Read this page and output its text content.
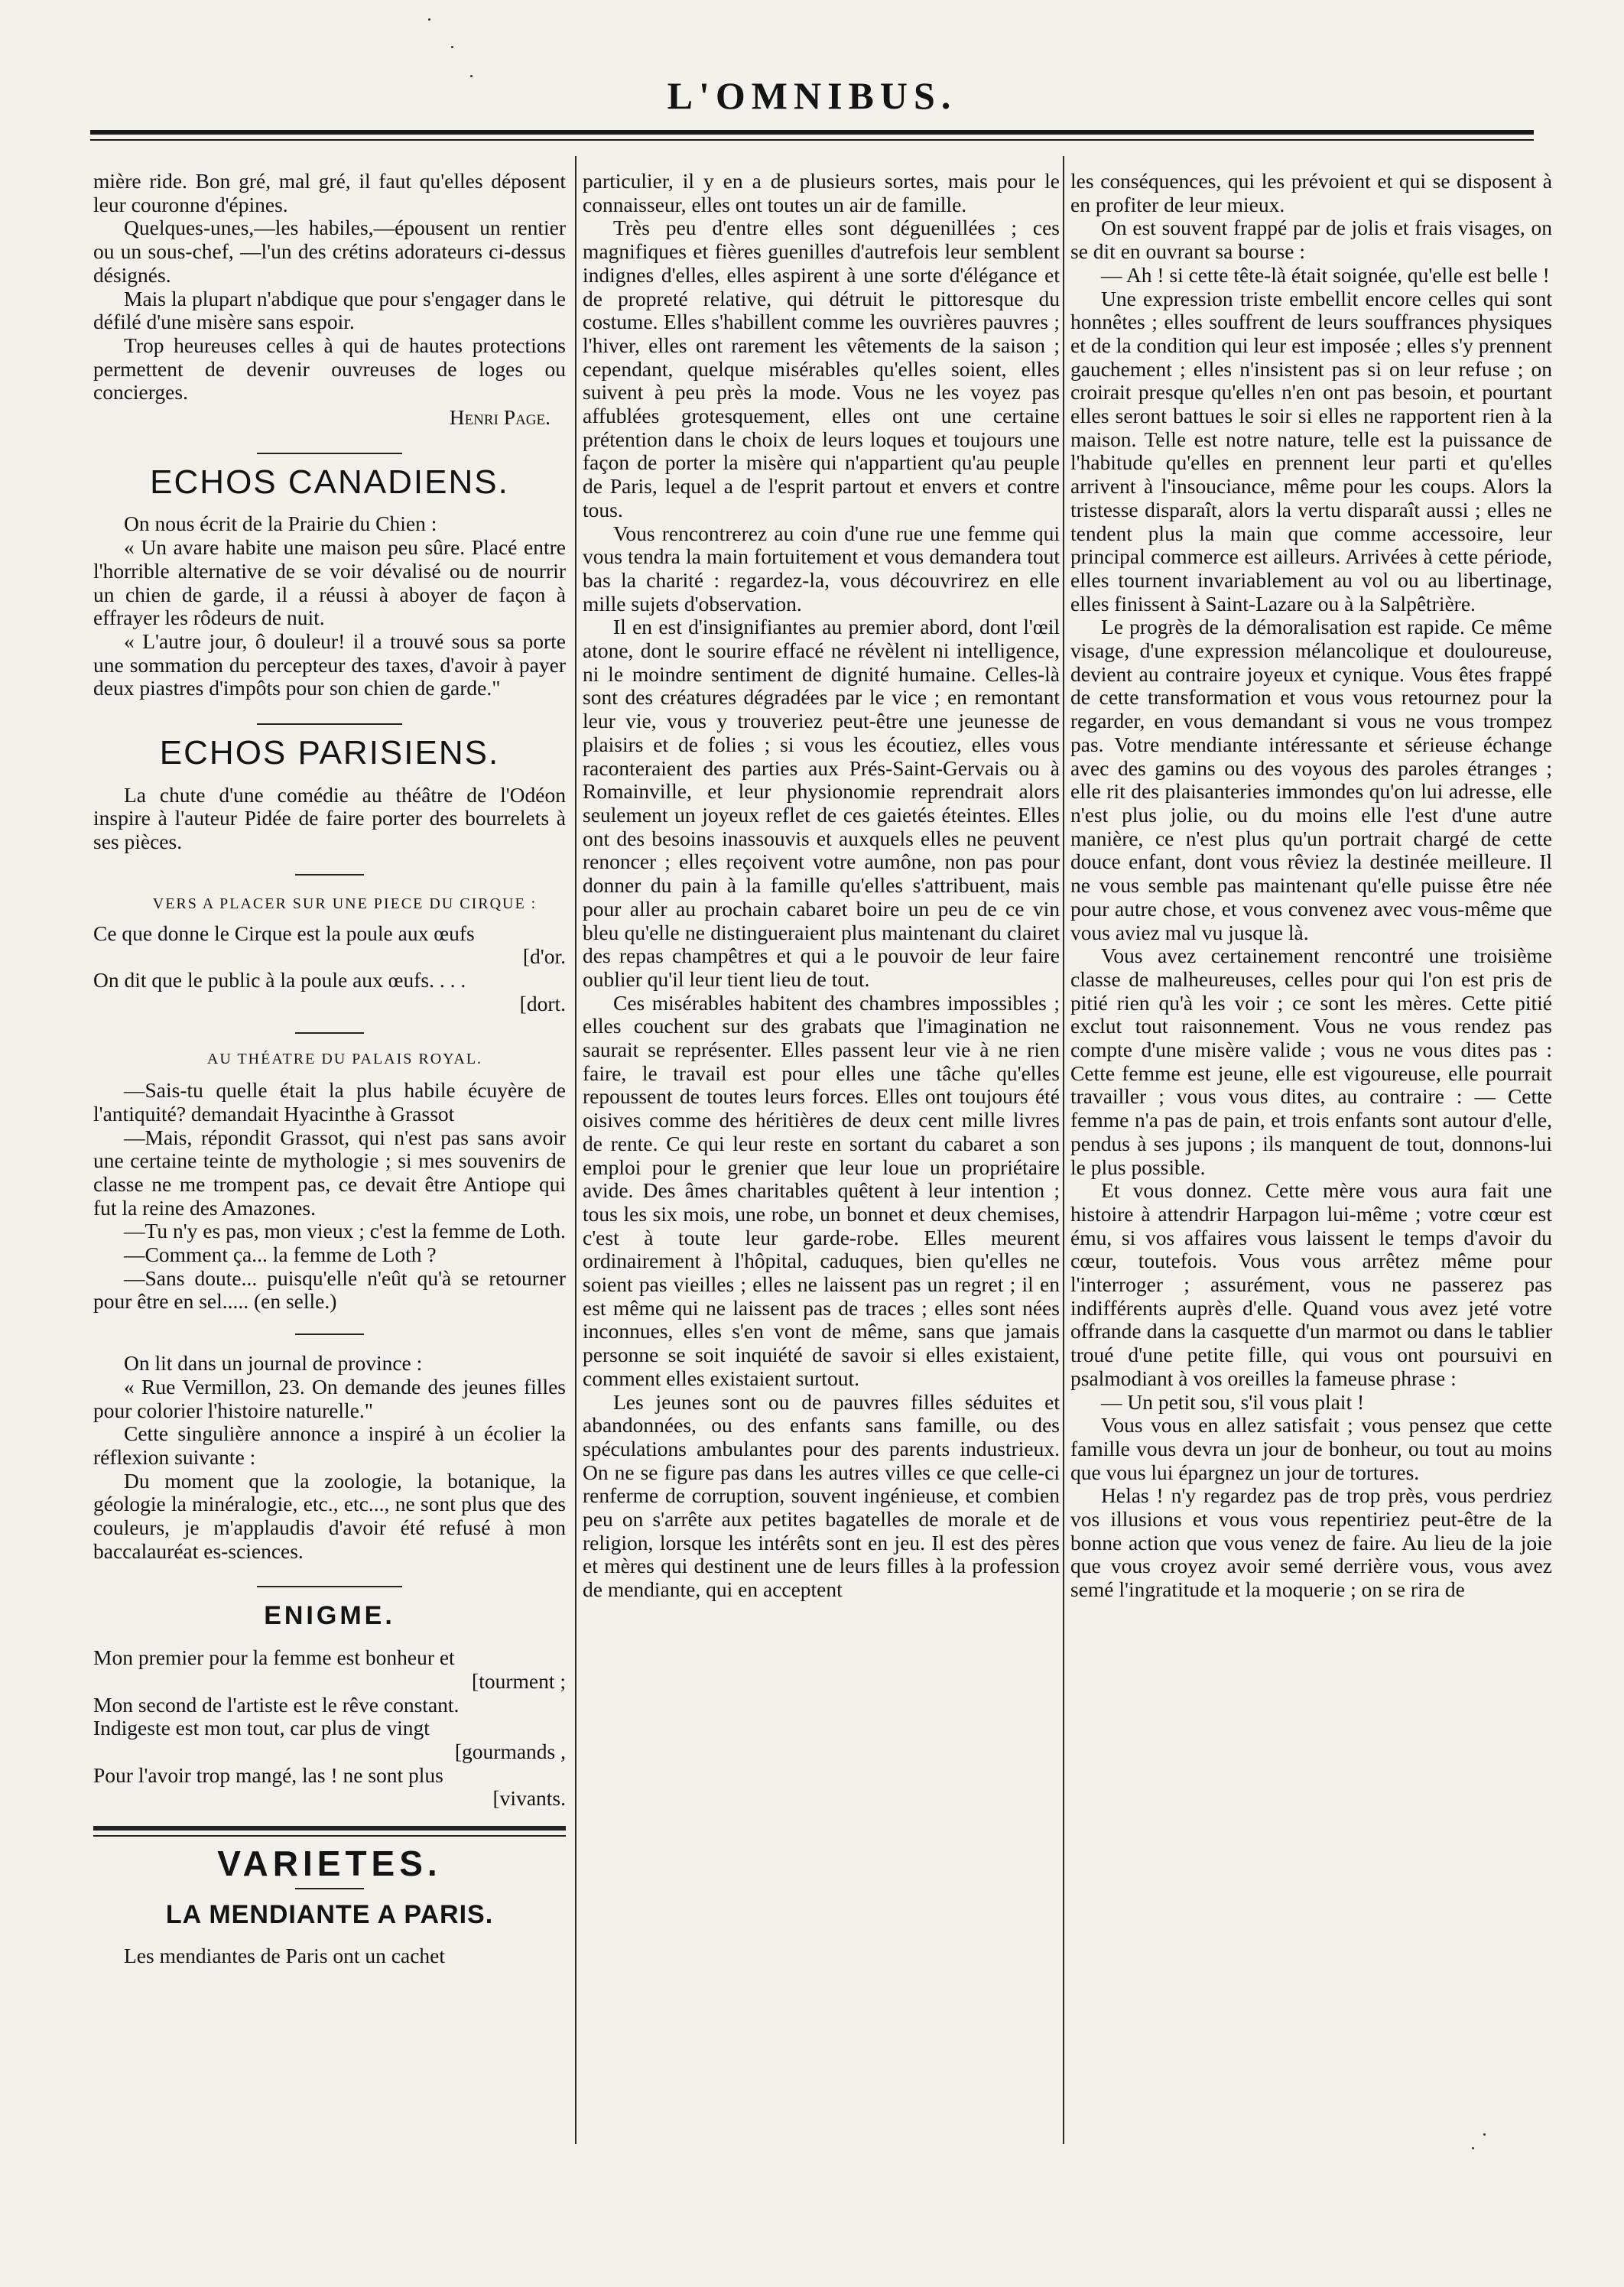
L'OMNIBUS.

mière ride. Bon gré, mal gré, il faut qu'elles déposent leur couronne d'épines.

Quelques-unes,—les habiles,—épousent un rentier ou un sous-chef, —l'un des crétins adorateurs ci-dessus désignés.

Mais la plupart n'abdique que pour s'engager dans le défilé d'une misère sans espoir.

Trop heureuses celles à qui de hautes protections permettent de devenir ouvreuses de loges ou concierges.

Henri Page.

ECHOS CANADIENS.

On nous écrit de la Prairie du Chien :

« Un avare habite une maison peu sûre. Placé entre l'horrible alternative de se voir dévalisé ou de nourrir un chien de garde, il a réussi à aboyer de façon à effrayer les rôdeurs de nuit.

« L'autre jour, ô douleur! il a trouvé sous sa porte une sommation du percepteur des taxes, d'avoir à payer deux piastres d'impôts pour son chien de garde."

ECHOS PARISIENS.

La chute d'une comédie au théâtre de l'Odéon inspire à l'auteur Pidée de faire porter des bourrelets à ses pièces.

VERS A PLACER SUR UNE PIECE DU CIRQUE :

Ce que donne le Cirque est la poule aux œufs

[d'or.

On dit que le public à la poule aux œufs. . . .

[dort.

AU THÉATRE DU PALAIS ROYAL.

—Sais-tu quelle était la plus habile écuyère de l'antiquité? demandait Hyacinthe à Grassot

—Mais, répondit Grassot, qui n'est pas sans avoir une certaine teinte de mythologie ; si mes souvenirs de classe ne me trompent pas, ce devait être Antiope qui fut la reine des Amazones.

—Tu n'y es pas, mon vieux ; c'est la femme de Loth.

—Comment ça... la femme de Loth ?

—Sans doute... puisqu'elle n'eût qu'à se retourner pour être en sel..... (en selle.)

On lit dans un journal de province :

« Rue Vermillon, 23. On demande des jeunes filles pour colorier l'histoire naturelle."

Cette singulière annonce a inspiré à un écolier la réflexion suivante :

Du moment que la zoologie, la botanique, la géologie la minéralogie, etc., etc..., ne sont plus que des couleurs, je m'applaudis d'avoir été refusé à mon baccalauréat es-sciences.

ENIGME.

Mon premier pour la femme est bonheur et

[tourment ;

Mon second de l'artiste est le rêve constant.

Indigeste est mon tout, car plus de vingt

[gourmands ,

Pour l'avoir trop mangé, las ! ne sont plus

[vivants.

VARIETES.
LA MENDIANTE A PARIS.

Les mendiantes de Paris ont un cachet

particulier, il y en a de plusieurs sortes, mais pour le connaisseur, elles ont toutes un air de famille.

Très peu d'entre elles sont déguenillées ; ces magnifiques et fières guenilles d'autrefois leur semblent indignes d'elles, elles aspirent à une sorte d'élégance et de propreté relative, qui détruit le pittoresque du costume. Elles s'habillent comme les ouvrières pauvres ; l'hiver, elles ont rarement les vêtements de la saison ; cependant, quelque misérables qu'elles soient, elles suivent à peu près la mode. Vous ne les voyez pas affublées grotesquement, elles ont une certaine prétention dans le choix de leurs loques et toujours une façon de porter la misère qui n'appartient qu'au peuple de Paris, lequel a de l'esprit partout et envers et contre tous.

Vous rencontrerez au coin d'une rue une femme qui vous tendra la main fortuitement et vous demandera tout bas la charité : regardez-la, vous découvrirez en elle mille sujets d'observation.

Il en est d'insignifiantes au premier abord, dont l'œil atone, dont le sourire effacé ne révèlent ni intelligence, ni le moindre sentiment de dignité humaine. Celles-là sont des créatures dégradées par le vice ; en remontant leur vie, vous y trouveriez peut-être une jeunesse de plaisirs et de folies ; si vous les écoutiez, elles vous raconteraient des parties aux Prés-Saint-Gervais ou à Romainville, et leur physionomie reprendrait alors seulement un joyeux reflet de ces gaietés éteintes. Elles ont des besoins inassouvis et auxquels elles ne peuvent renoncer ; elles reçoivent votre aumône, non pas pour donner du pain à la famille qu'elles s'attribuent, mais pour aller au prochain cabaret boire un peu de ce vin bleu qu'elle ne distingueraient plus maintenant du clairet des repas champêtres et qui a le pouvoir de leur faire oublier qu'il leur tient lieu de tout.

Ces misérables habitent des chambres impossibles ; elles couchent sur des grabats que l'imagination ne saurait se représenter. Elles passent leur vie à ne rien faire, le travail est pour elles une tâche qu'elles repoussent de toutes leurs forces. Elles ont toujours été oisives comme des héritières de deux cent mille livres de rente. Ce qui leur reste en sortant du cabaret a son emploi pour le grenier que leur loue un propriétaire avide. Des âmes charitables quêtent à leur intention ; tous les six mois, une robe, un bonnet et deux chemises, c'est à toute leur garde-robe. Elles meurent ordinairement à l'hôpital, caduques, bien qu'elles ne soient pas vieilles ; elles ne laissent pas un regret ; il en est même qui ne laissent pas de traces ; elles sont nées inconnues, elles s'en vont de même, sans que jamais personne se soit inquiété de savoir si elles existaient, comment elles existaient surtout.

Les jeunes sont ou de pauvres filles séduites et abandonnées, ou des enfants sans famille, ou des spéculations ambulantes pour des parents industrieux. On ne se figure pas dans les autres villes ce que celle-ci renferme de corruption, souvent ingénieuse, et combien peu on s'arrête aux petites bagatelles de morale et de religion, lorsque les intérêts sont en jeu. Il est des pères et mères qui destinent une de leurs filles à la profession de mendiante, qui en acceptent

les conséquences, qui les prévoient et qui se disposent à en profiter de leur mieux.

On est souvent frappé par de jolis et frais visages, on se dit en ouvrant sa bourse :

— Ah ! si cette tête-là était soignée, qu'elle est belle !

Une expression triste embellit encore celles qui sont honnêtes ; elles souffrent de leurs souffrances physiques et de la condition qui leur est imposée ; elles s'y prennent gauchement ; elles n'insistent pas si on leur refuse ; on croirait presque qu'elles n'en ont pas besoin, et pourtant elles seront battues le soir si elles ne rapportent rien à la maison. Telle est notre nature, telle est la puissance de l'habitude qu'elles en prennent leur parti et qu'elles arrivent à l'insouciance, même pour les coups. Alors la tristesse disparaît, alors la vertu disparaît aussi ; elles ne tendent plus la main que comme accessoire, leur principal commerce est ailleurs. Arrivées à cette période, elles tournent invariablement au vol ou au libertinage, elles finissent à Saint-Lazare ou à la Salpêtrière.

Le progrès de la démoralisation est rapide. Ce même visage, d'une expression mélancolique et douloureuse, devient au contraire joyeux et cynique. Vous êtes frappé de cette transformation et vous vous retournez pour la regarder, en vous demandant si vous ne vous trompez pas. Votre mendiante intéressante et sérieuse échange avec des gamins ou des voyous des paroles étranges ; elle rit des plaisanteries immondes qu'on lui adresse, elle n'est plus jolie, ou du moins elle l'est d'une autre manière, ce n'est plus qu'un portrait chargé de cette douce enfant, dont vous rêviez la destinée meilleure. Il ne vous semble pas maintenant qu'elle puisse être née pour autre chose, et vous convenez avec vous-même que vous aviez mal vu jusque là.

Vous avez certainement rencontré une troisième classe de malheureuses, celles pour qui l'on est pris de pitié rien qu'à les voir ; ce sont les mères. Cette pitié exclut tout raisonnement. Vous ne vous rendez pas compte d'une misère valide ; vous ne vous dites pas : Cette femme est jeune, elle est vigoureuse, elle pourrait travailler ; vous vous dites, au contraire : — Cette femme n'a pas de pain, et trois enfants sont autour d'elle, pendus à ses jupons ; ils manquent de tout, donnons-lui le plus possible.

Et vous donnez. Cette mère vous aura fait une histoire à attendrir Harpagon lui-même ; votre cœur est ému, si vos affaires vous laissent le temps d'avoir du cœur, toutefois. Vous vous arrêtez même pour l'interroger ; assurément, vous ne passerez pas indifférents auprès d'elle. Quand vous avez jeté votre offrande dans la casquette d'un marmot ou dans le tablier troué d'une petite fille, qui vous ont poursuivi en psalmodiant à vos oreilles la fameuse phrase :

— Un petit sou, s'il vous plait !

Vous vous en allez satisfait ; vous pensez que cette famille vous devra un jour de bonheur, ou tout au moins que vous lui épargnez un jour de tortures.

Helas ! n'y regardez pas de trop près, vous perdriez vos illusions et vous vous repentiriez peut-être de la bonne action que vous venez de faire. Au lieu de la joie que vous croyez avoir semé derrière vous, vous avez semé l'ingratitude et la moquerie ; on se rira de
